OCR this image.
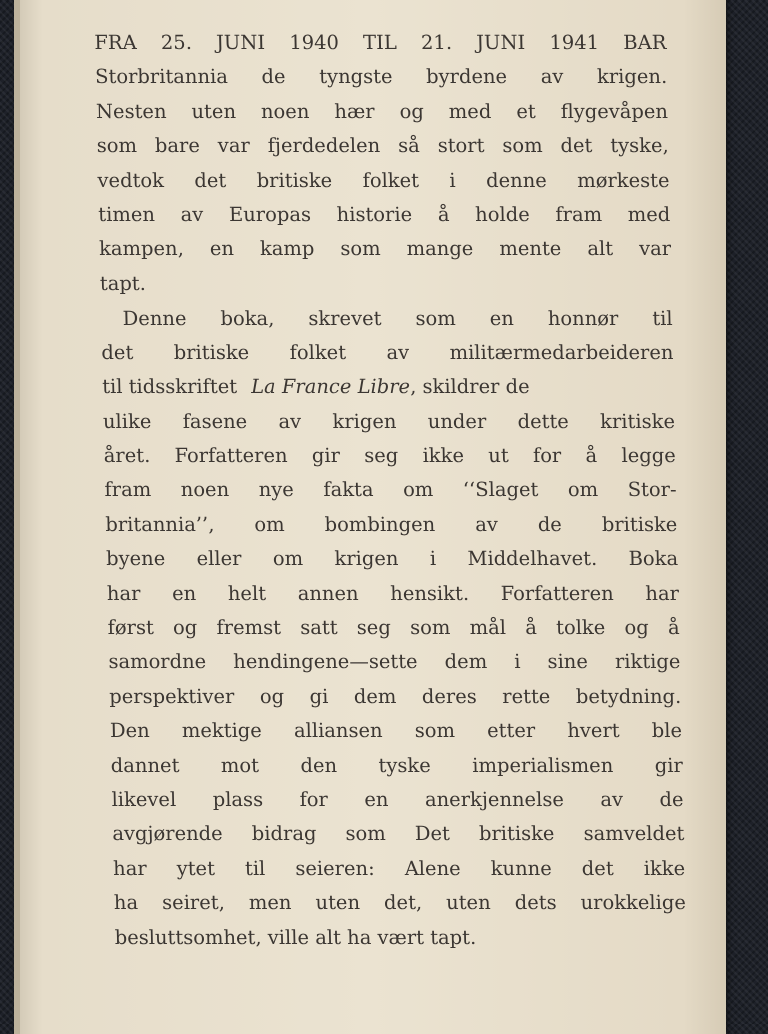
FRA 25. JUNI 1940 TIL 21. JUNI 1941 BAR
Storbritannia de tyngste byrdene av krigen.
Nesten uten noen hær og med et flygevåpen
som bare var fjerdedelen så stort som det tyske,
vedtok det britiske folket i denne mørkeste
timen av Europas historie å holde fram med
kampen, en kamp som mange mente alt var
tapt.
Denne boka, skrevet som en honnør til
det britiske folket av militærmedarbeideren
til tidsskriftet La France Libre , skildrer de
ulike fasene av krigen under dette kritiske
året. Forfatteren gir seg ikke ut for å legge
fram noen nye fakta om ‘‘Slaget om Stor-
britannia’’, om bombingen av de britiske
byene eller om krigen i Middelhavet. Boka
har en helt annen hensikt. Forfatteren har
først og fremst satt seg som mål å tolke og å
samordne hendingene—sette dem i sine riktige
perspektiver og gi dem deres rette betydning.
Den mektige alliansen som etter hvert ble
dannet mot den tyske imperialismen gir
likevel plass for en anerkjennelse av de
avgjørende bidrag som Det britiske samveldet
har ytet til seieren: Alene kunne det ikke
ha seiret, men uten det, uten dets urokkelige
besluttsomhet, ville alt ha vært tapt.
